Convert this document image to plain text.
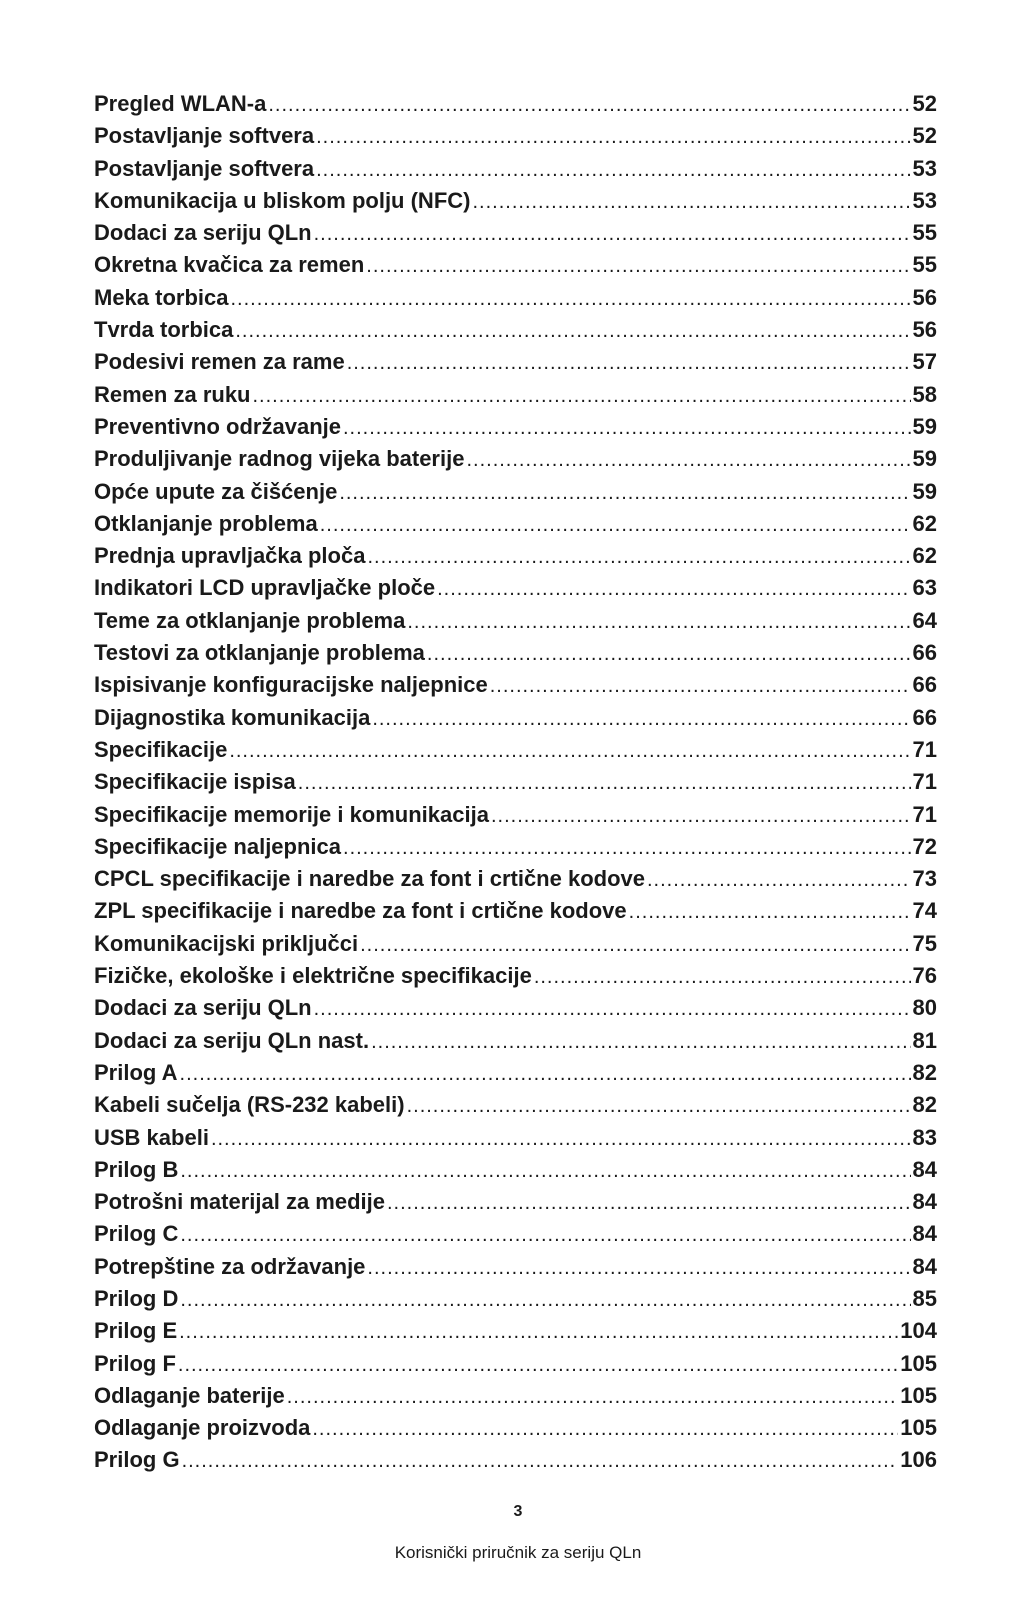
Pregled WLAN-a .....	52
Postavljanje softvera .....	52
Postavljanje softvera .....	53
Komunikacija u bliskom polju (NFC) .....	53
Dodaci za seriju QLn .....	55
Okretna kvačica za remen .....	55
Meka torbica .....	56
Tvrda torbica .....	56
Podesivi remen za rame .....	57
Remen za ruku .....	58
Preventivno održavanje .....	59
Produljivanje radnog vijeka baterije .....	59
Opće upute za čišćenje .....	59
Otklanjanje problema .....	62
Prednja upravljačka ploča .....	62
Indikatori LCD upravljačke ploče .....	63
Teme za otklanjanje problema .....	64
Testovi za otklanjanje problema .....	66
Ispisivanje konfiguracijske naljepnice .....	66
Dijagnostika komunikacija .....	66
Specifikacije .....	71
Specifikacije ispisa .....	71
Specifikacije memorije i komunikacija .....	71
Specifikacije naljepnica .....	72
CPCL specifikacije i naredbe za font i crtične kodove .....	73
ZPL specifikacije i naredbe za font i crtične kodove .....	74
Komunikacijski priključci .....	75
Fizičke, ekološke i električne specifikacije .....	76
Dodaci za seriju QLn .....	80
Dodaci za seriju QLn nast. .....	81
Prilog A .....	82
Kabeli sučelja (RS-232 kabeli) .....	82
USB kabeli .....	83
Prilog B .....	84
Potrošni materijal za medije .....	84
Prilog C .....	84
Potrepštine za održavanje .....	84
Prilog D .....	85
Prilog E .....	104
Prilog F .....	105
Odlaganje baterije .....	105
Odlaganje proizvoda .....	105
Prilog G .....	106
3
Korisnički priručnik za seriju QLn
